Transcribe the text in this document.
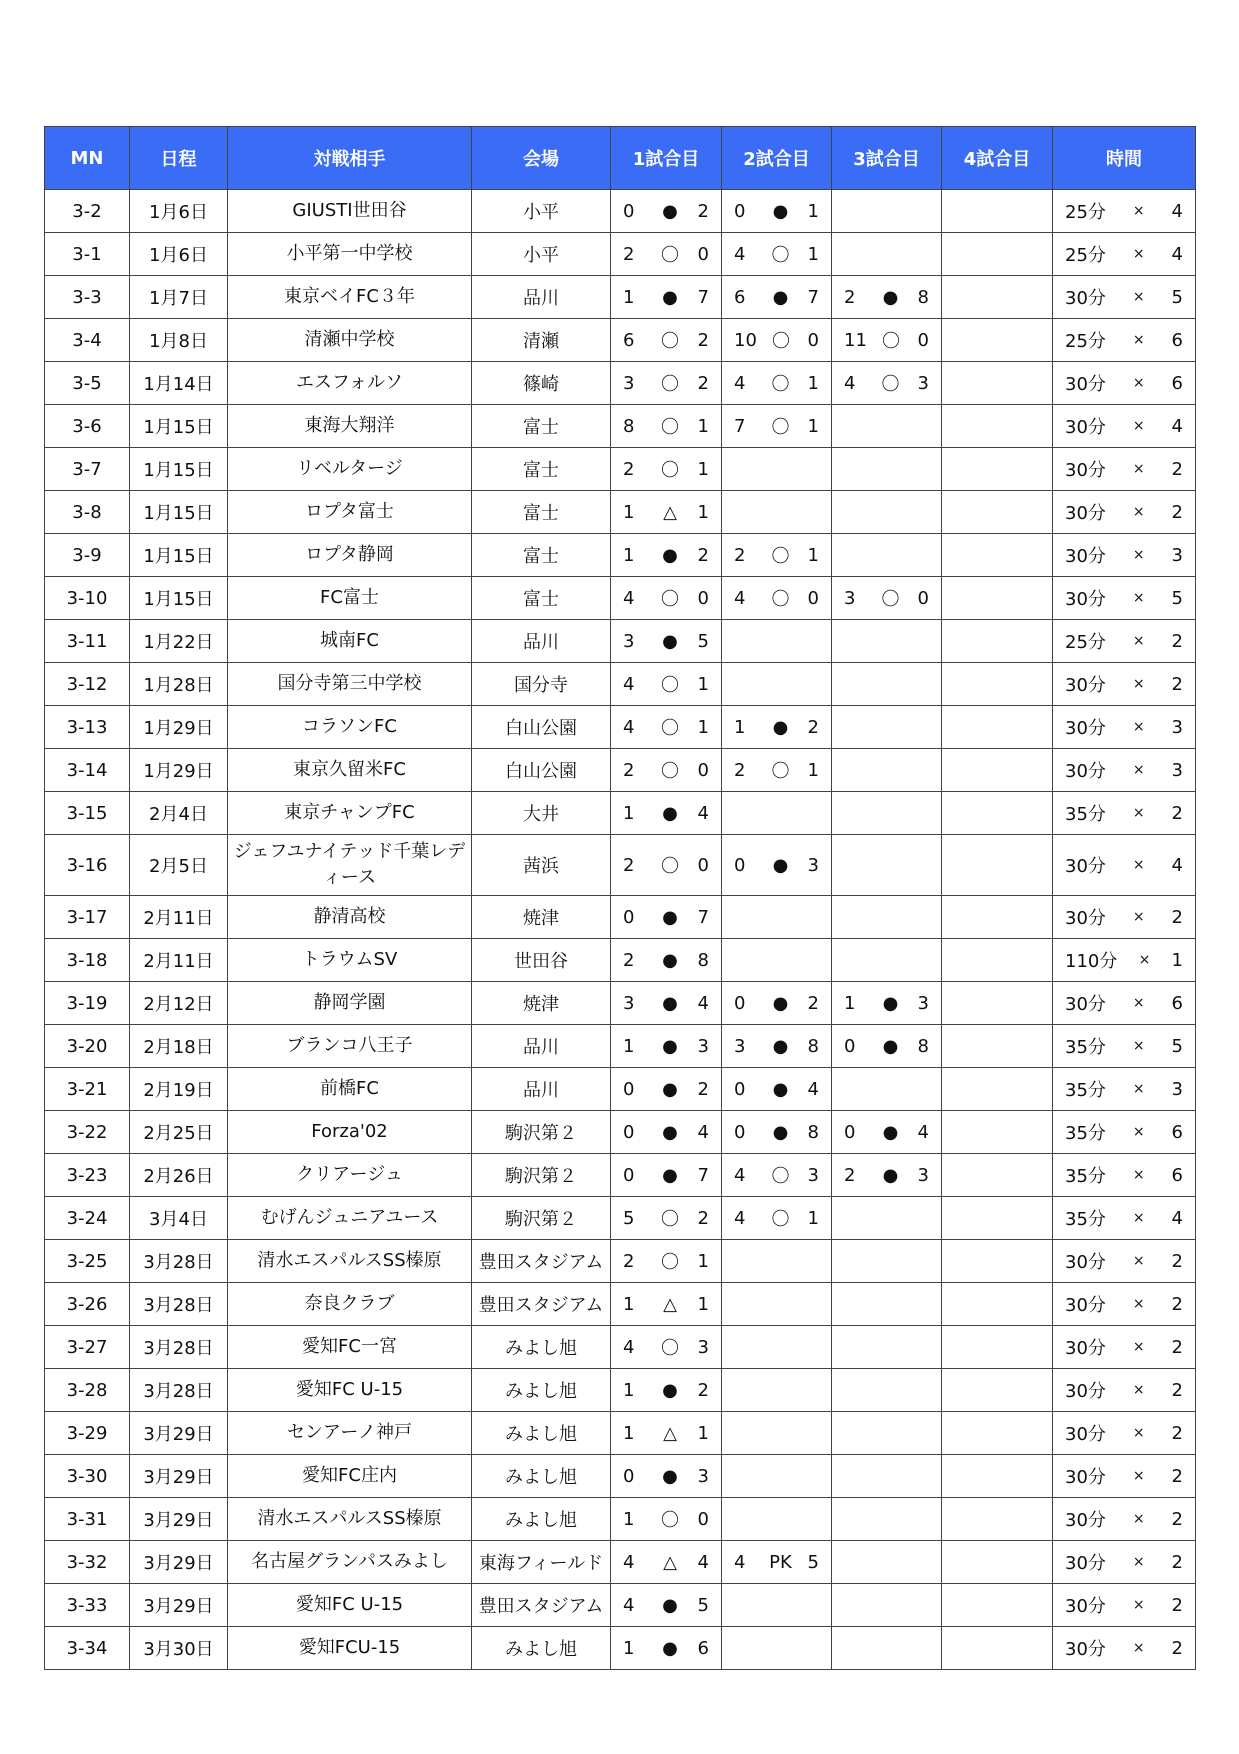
MN	日程	対戦相手	会場	1試合目	2試合目	3試合目	4試合目	時間
3-2	1月6日	GIUSTI世田谷	小平	0 ● 2	0 ● 1			25分 × 4

3-1	1月6日	小平第一中学校	小平	2 〇 0	4 〇 1			25分 × 4

3-3	1月7日	東京ベイFC３年	品川	1 ● 7	6 ● 7	2 ● 8		30分 × 5

3-4	1月8日	清瀬中学校	清瀬	6 〇 2	10 〇 0	11 〇 0		25分 × 6

3-5	1月14日	エスフォルソ	篠崎	3 〇 2	4 〇 1	4 〇 3		30分 × 6

3-6	1月15日	東海大翔洋	富士	8 〇 1	7 〇 1			30分 × 4

3-7	1月15日	リベルタージ	富士	2 〇 1				30分 × 2

3-8	1月15日	ロプタ富士	富士	1 △ 1				30分 × 2

3-9	1月15日	ロプタ静岡	富士	1 ● 2	2 〇 1			30分 × 3

3-10	1月15日	FC富士	富士	4 〇 0	4 〇 0	3 〇 0		30分 × 5

3-11	1月22日	城南FC	品川	3 ● 5				25分 × 2

3-12	1月28日	国分寺第三中学校	国分寺	4 〇 1				30分 × 2

3-13	1月29日	コラソンFC	白山公園	4 〇 1	1 ● 2			30分 × 3

3-14	1月29日	東京久留米FC	白山公園	2 〇 0	2 〇 1			30分 × 3

3-15	2月4日	東京チャンプFC	大井	1 ● 4				35分 × 2

3-16	2月5日	ジェフユナイテッド千葉レディース	茜浜	2 〇 0	0 ● 3			30分 × 4

3-17	2月11日	静清高校	焼津	0 ● 7				30分 × 2

3-18	2月11日	トラウムSV	世田谷	2 ● 8				110分 × 1

3-19	2月12日	静岡学園	焼津	3 ● 4	0 ● 2	1 ● 3		30分 × 6

3-20	2月18日	ブランコ八王子	品川	1 ● 3	3 ● 8	0 ● 8		35分 × 5

3-21	2月19日	前橋FC	品川	0 ● 2	0 ● 4			35分 × 3

3-22	2月25日	Forza'02	駒沢第２	0 ● 4	0 ● 8	0 ● 4		35分 × 6

3-23	2月26日	クリアージュ	駒沢第２	0 ● 7	4 〇 3	2 ● 3		35分 × 6

3-24	3月4日	むげんジュニアユース	駒沢第２	5 〇 2	4 〇 1			35分 × 4

3-25	3月28日	清水エスパルスSS榛原	豊田スタジアム	2 〇 1				30分 × 2

3-26	3月28日	奈良クラブ	豊田スタジアム	1 △ 1				30分 × 2

3-27	3月28日	愛知FC一宮	みよし旭	4 〇 3				30分 × 2

3-28	3月28日	愛知FC U-15	みよし旭	1 ● 2				30分 × 2

3-29	3月29日	センアーノ神戸	みよし旭	1 △ 1				30分 × 2

3-30	3月29日	愛知FC庄内	みよし旭	0 ● 3				30分 × 2

3-31	3月29日	清水エスパルスSS榛原	みよし旭	1 〇 0				30分 × 2

3-32	3月29日	名古屋グランパスみよし	東海フィールド	4 △ 4	4 PK 5			30分 × 2

3-33	3月29日	愛知FC U-15	豊田スタジアム	4 ● 5				30分 × 2

3-34	3月30日	愛知FCU-15	みよし旭	1 ● 6				30分 × 2
